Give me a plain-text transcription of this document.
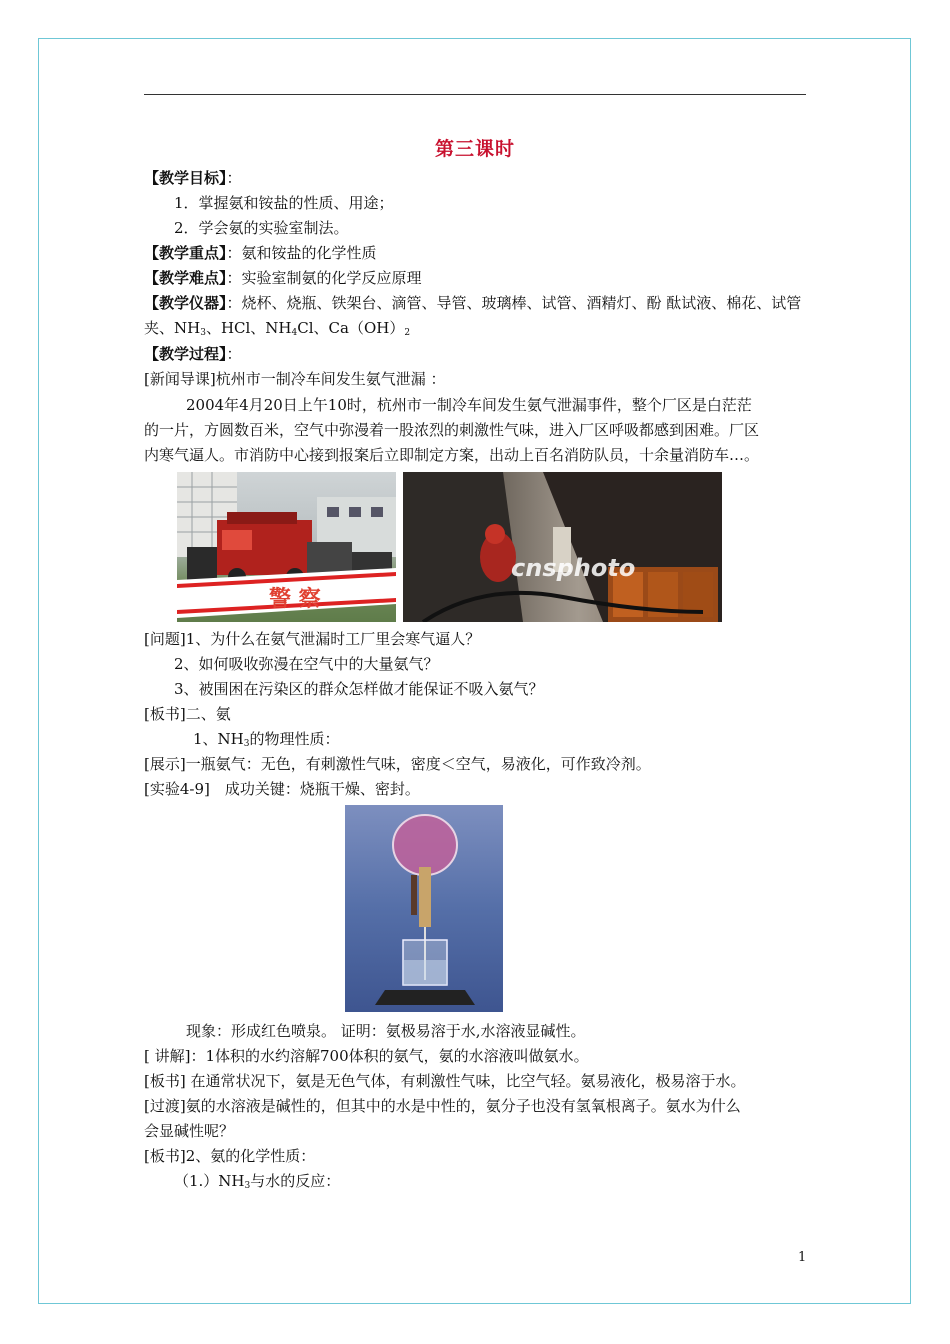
第三课时
【教学目标】：
1．掌握氨和铵盐的性质、用途；
2．学会氨的实验室制法。
【教学重点】：氨和铵盐的化学性质
【教学难点】：实验室制氨的化学反应原理
【教学仪器】：烧杯、烧瓶、铁架台、滴管、导管、玻璃棒、试管、酒精灯、酚 酞试液、棉花、试管
夹、$NH_3$、HCl、$NH_4Cl$、$Ca(OH)_2$
【教学过程】：
[新闻导课]杭州市一制冷车间发生氨气泄漏 ：
2004年4月20日上午10时，杭州市一制冷车间发生氨气泄漏事件，整个厂区是白茫茫
的一片，方圆数百米，空气中弥漫着一股浓烈的刺激性气味，进入厂区呼吸都感到困难。厂区
内寒气逼人。市消防中心接到报案后立即制定方案，出动上百名消防队员，十余量消防车…。
警 察
cnsphoto
[问题]1、为什么在氨气泄漏时工厂里会寒气逼人？
2、如何吸收弥漫在空气中的大量氨气？
3、被围困在污染区的群众怎样做才能保证不吸入氨气？
[板书]二、氨
1、$NH_3$的物理性质：
[展示]一瓶氨气：无色，有刺激性气味，密度＜空气，易液化，可作致冷剂。
[实验4-9]　成功关键：烧瓶干燥、密封。
现象：形成红色喷泉。 证明：氨极易溶于水,水溶液显碱性。
[ 讲解]：1体积的水约溶解700体积的氨气，氨的水溶液叫做氨水。
[板书] 在通常状况下，氨是无色气体，有刺激性气味，比空气轻。氨易液化，极易溶于水。
[过渡]氨的水溶液是碱性的，但其中的水是中性的，氨分子也没有氢氧根离子。氨水为什么
会显碱性呢？
[板书]2、氨的化学性质：
$(1.)NH_3$与水的反应：
1
